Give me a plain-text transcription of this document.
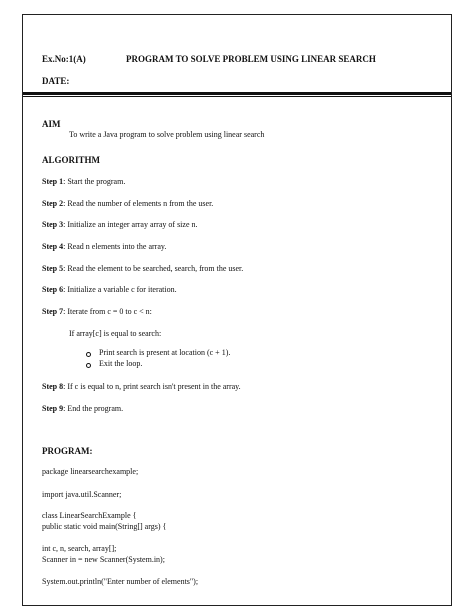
Ex.No:1(A)	PROGRAM TO SOLVE PROBLEM USING LINEAR SEARCH
DATE:
AIM
To write a Java program to solve problem using linear search
ALGORITHM
Step 1: Start the program.
Step 2: Read the number of elements n from the user.
Step 3: Initialize an integer array array of size n.
Step 4: Read n elements into the array.
Step 5: Read the element to be searched, search, from the user.
Step 6: Initialize a variable c for iteration.
Step 7: Iterate from c = 0 to c < n:
If array[c] is equal to search:
Print search is present at location (c + 1).
Exit the loop.
Step 8: If c is equal to n, print search isn't present in the array.
Step 9: End the program.
PROGRAM:
package linearsearchexample;
import java.util.Scanner;
class LinearSearchExample {
public static void main(String[] args) {
int c, n, search, array[];
Scanner in = new Scanner(System.in);
System.out.println("Enter number of elements");
